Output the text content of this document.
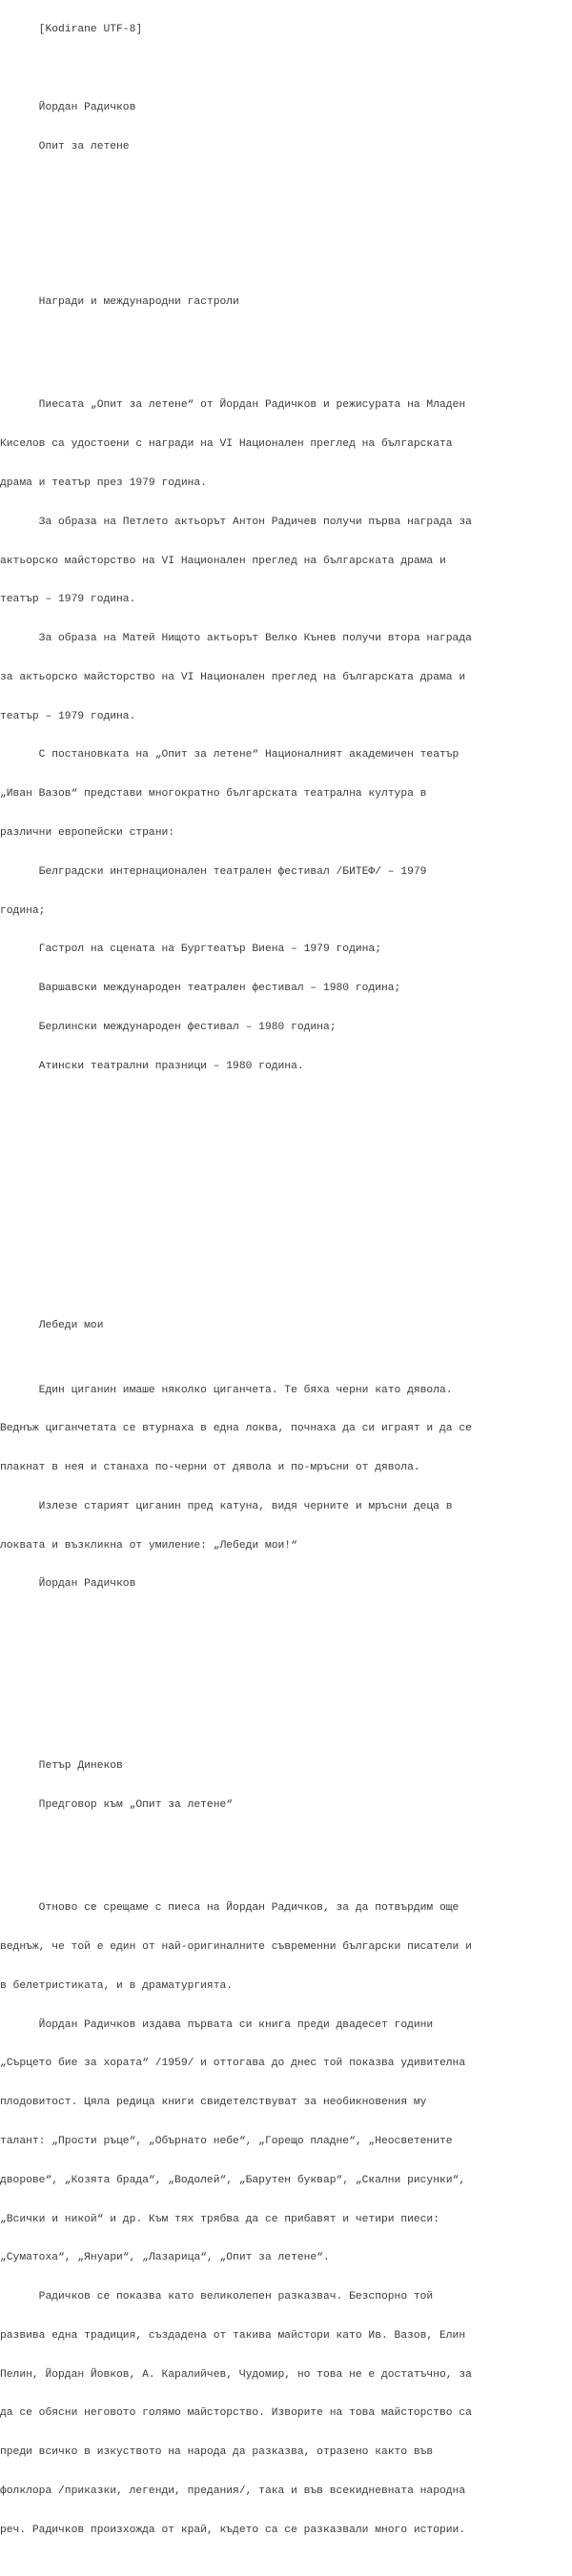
[Kodirane UTF-8]

Йордан Радичков

Опит за летене

Награди и международни гастроли

Пиесата „Опит за летене“ от Йордан Радичков и режисурата на Младен

Киселов са удостоени с награди на VI Национален преглед на българската

драма и театър през 1979 година.

За образа на Петлето актьорът Антон Радичев получи първа награда за

актьорско майсторство на VI Национален преглед на българската драма и

театър – 1979 година.

За образа на Матей Нищото актьорът Велко Кънев получи втора награда

за актьорско майсторство на VI Национален преглед на българската драма и

театър – 1979 година.

С постановката на „Опит за летене“ Националният академичен театър

„Иван Вазов“ представи многократно българската театрална култура в

различни европейски страни:

Белградски интернационален театрален фестивал /БИТЕФ/ – 1979

година;

Гастрол на сцената на Бургтеатър Виена – 1979 година;

Варшавски международен театрален фестивал – 1980 година;

Берлински международен фестивал – 1980 година;

Атински театрални празници – 1980 година.

Лебеди мои

Един циганин имаше няколко циганчета. Те бяха черни като дявола.

Веднъж циганчетата се втурнаха в една локва, почнаха да си играят и да се

плакнат в нея и станаха по-черни от дявола и по-мръсни от дявола.

Излезе старият циганин пред катуна, видя черните и мръсни деца в

локвата и възкликна от умиление: „Лебеди мои!“

Йордан Радичков

Петър Динеков

Предговор към „Опит за летене“

Отново се срещаме с пиеса на Йордан Радичков, за да потвърдим още

веднъж, че той е един от най-оригиналните съвременни български писатели и

в белетристиката, и в драматургията.

Йордан Радичков издава първата си книга преди двадесет години

„Сърцето бие за хората“ /1959/ и оттогава до днес той показва удивителна

плодовитост. Цяла редица книги свидетелствуват за необикновения му

талант: „Прости ръце“, „Обърнато небе“, „Горещо пладне“, „Неосветените

дворове“, „Козята брада“, „Водолей“, „Барутен буквар“, „Скални рисунки“,

„Всички и никой“ и др. Към тях трябва да се прибавят и четири пиеси:

„Суматоха“, „Януари“, „Лазарица“, „Опит за летене“.

Радичков се показва като великолепен разказвач. Безспорно той

развива една традиция, създадена от такива майстори като Ив. Вазов, Елин

Пелин, Йордан Йовков, А. Каралийчев, Чудомир, но това не е достатъчно, за

да се обясни неговото голямо майсторство. Изворите на това майсторство са

преди всичко в изкуството на народа да разказва, отразено както във

фолклора /приказки, легенди, предания/, така и във всекидневната народна

реч. Радичков произхожда от край, където са се разказвали много истории.
